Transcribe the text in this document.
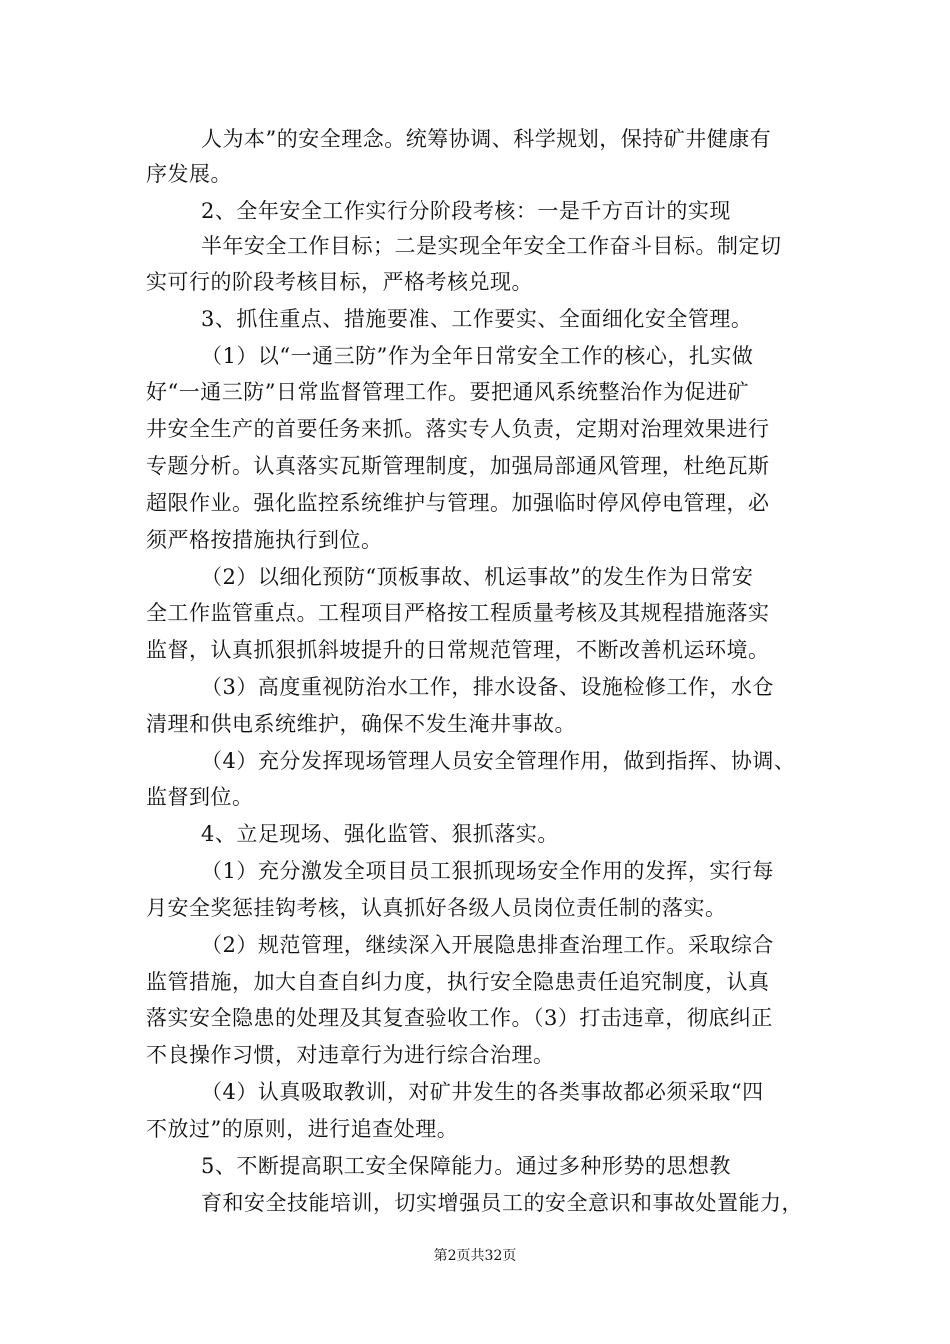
人为本”的安全理念。统筹协调、科学规划，保持矿井健康有
序发展。
2、全年安全工作实行分阶段考核：一是千方百计的实现
半年安全工作目标；二是实现全年安全工作奋斗目标。制定切
实可行的阶段考核目标，严格考核兑现。
3、抓住重点、措施要准、工作要实、全面细化安全管理。
（1）以“一通三防”作为全年日常安全工作的核心，扎实做
好“一通三防”日常监督管理工作。要把通风系统整治作为促进矿
井安全生产的首要任务来抓。落实专人负责，定期对治理效果进行
专题分析。认真落实瓦斯管理制度，加强局部通风管理，杜绝瓦斯
超限作业。强化监控系统维护与管理。加强临时停风停电管理，必
须严格按措施执行到位。
（2）以细化预防“顶板事故、机运事故”的发生作为日常安
全工作监管重点。工程项目严格按工程质量考核及其规程措施落实
监督，认真抓狠抓斜坡提升的日常规范管理，不断改善机运环境。
（3）高度重视防治水工作，排水设备、设施检修工作，水仓
清理和供电系统维护，确保不发生淹井事故。
（4）充分发挥现场管理人员安全管理作用，做到指挥、协调、
监督到位。
4、立足现场、强化监管、狠抓落实。
（1）充分激发全项目员工狠抓现场安全作用的发挥，实行每
月安全奖惩挂钩考核，认真抓好各级人员岗位责任制的落实。
（2）规范管理，继续深入开展隐患排查治理工作。采取综合
监管措施，加大自查自纠力度，执行安全隐患责任追究制度，认真
落实安全隐患的处理及其复查验收工作。（3）打击违章，彻底纠正
不良操作习惯，对违章行为进行综合治理。
（4）认真吸取教训，对矿井发生的各类事故都必须采取“四
不放过”的原则，进行追查处理。
5、不断提高职工安全保障能力。通过多种形势的思想教
育和安全技能培训，切实增强员工的安全意识和事故处置能力，
第2页共32页
